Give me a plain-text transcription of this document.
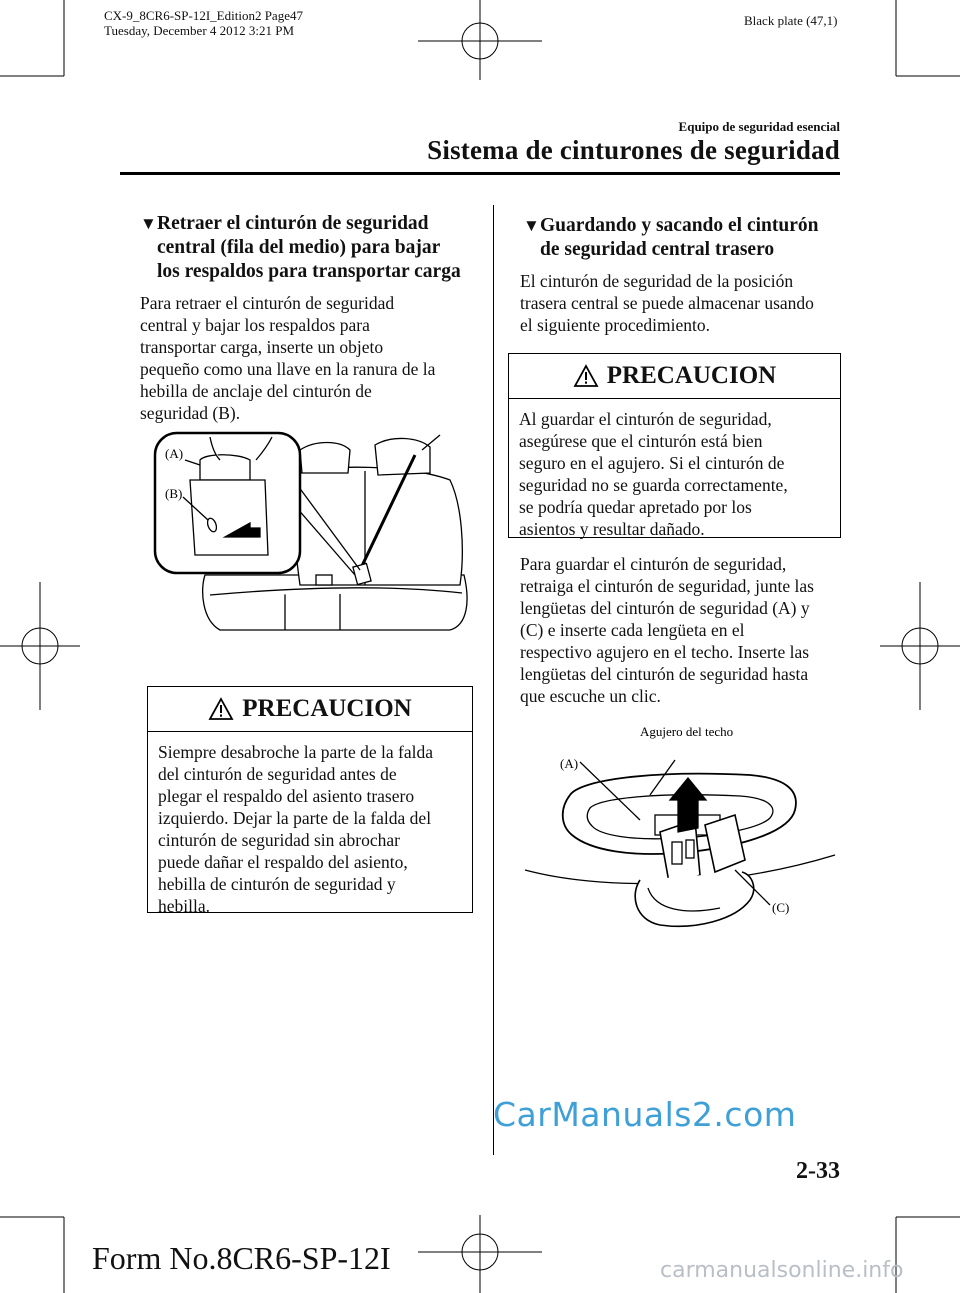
CX-9_8CR6-SP-12I_Edition2 Page47
Tuesday, December 4 2012 3:21 PM
Black plate (47,1)
Equipo de seguridad esencial
Sistema de cinturones de seguridad
▼ Retraer el cinturón de seguridad
central (fila del medio) para bajar
los respaldos para transportar carga
Para retraer el cinturón de seguridad
central y bajar los respaldos para
transportar carga, inserte un objeto
pequeño como una llave en la ranura de la
hebilla de anclaje del cinturón de
seguridad (B).
(A)
(B)
PRECAUCION
Siempre desabroche la parte de la falda
del cinturón de seguridad antes de
plegar el respaldo del asiento trasero
izquierdo. Dejar la parte de la falda del
cinturón de seguridad sin abrochar
puede dañar el respaldo del asiento,
hebilla de cinturón de seguridad y
hebilla.
▼ Guardando y sacando el cinturón
de seguridad central trasero
El cinturón de seguridad de la posición
trasera central se puede almacenar usando
el siguiente procedimiento.
PRECAUCION
Al guardar el cinturón de seguridad,
asegúrese que el cinturón está bien
seguro en el agujero. Si el cinturón de
seguridad no se guarda correctamente,
se podría quedar apretado por los
asientos y resultar dañado.
Para guardar el cinturón de seguridad,
retraiga el cinturón de seguridad, junte las
lengüetas del cinturón de seguridad (A) y
(C) e inserte cada lengüeta en el
respectivo agujero en el techo. Inserte las
lengüetas del cinturón de seguridad hasta
que escuche un clic.
Agujero del techo
(A)
(C)
CarManuals2.com
2-33
Form No.8CR6-SP-12I	carmanualsonline.info
